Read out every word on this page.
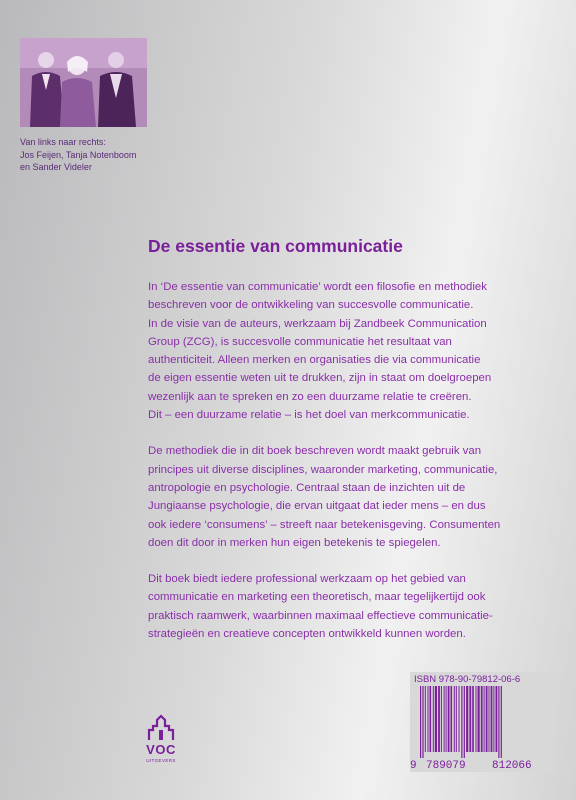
Van links naar rechts:
Jos Feijen, Tanja Notenboom
en Sander Videler
De essentie van communicatie
In ‘De essentie van communicatie’ wordt een filosofie en methodiek
beschreven voor de ontwikkeling van succesvolle communicatie.
In de visie van de auteurs, werkzaam bij Zandbeek Communication
Group (ZCG), is succesvolle communicatie het resultaat van
authenticiteit. Alleen merken en organisaties die via communicatie
de eigen essentie weten uit te drukken, zijn in staat om doelgroepen
wezenlijk aan te spreken en zo een duurzame relatie te creëren.
Dit – een duurzame relatie – is het doel van merkcommunicatie.
De methodiek die in dit boek beschreven wordt maakt gebruik van
principes uit diverse disciplines, waaronder marketing, communicatie,
antropologie en psychologie. Centraal staan de inzichten uit de
Jungiaanse psychologie, die ervan uitgaat dat ieder mens – en dus
ook iedere ‘consumens’ – streeft naar betekenisgeving. Consumenten
doen dit door in merken hun eigen betekenis te spiegelen.
Dit boek biedt iedere professional werkzaam op het gebied van
communicatie en marketing een theoretisch, maar tegelijkertijd ook
praktisch raamwerk, waarbinnen maximaal effectieve communicatie-
strategieën en creatieve concepten ontwikkeld kunnen worden.
VOC
UITGEVERS
ISBN 978-90-79812-06-6
9 789079 812066
